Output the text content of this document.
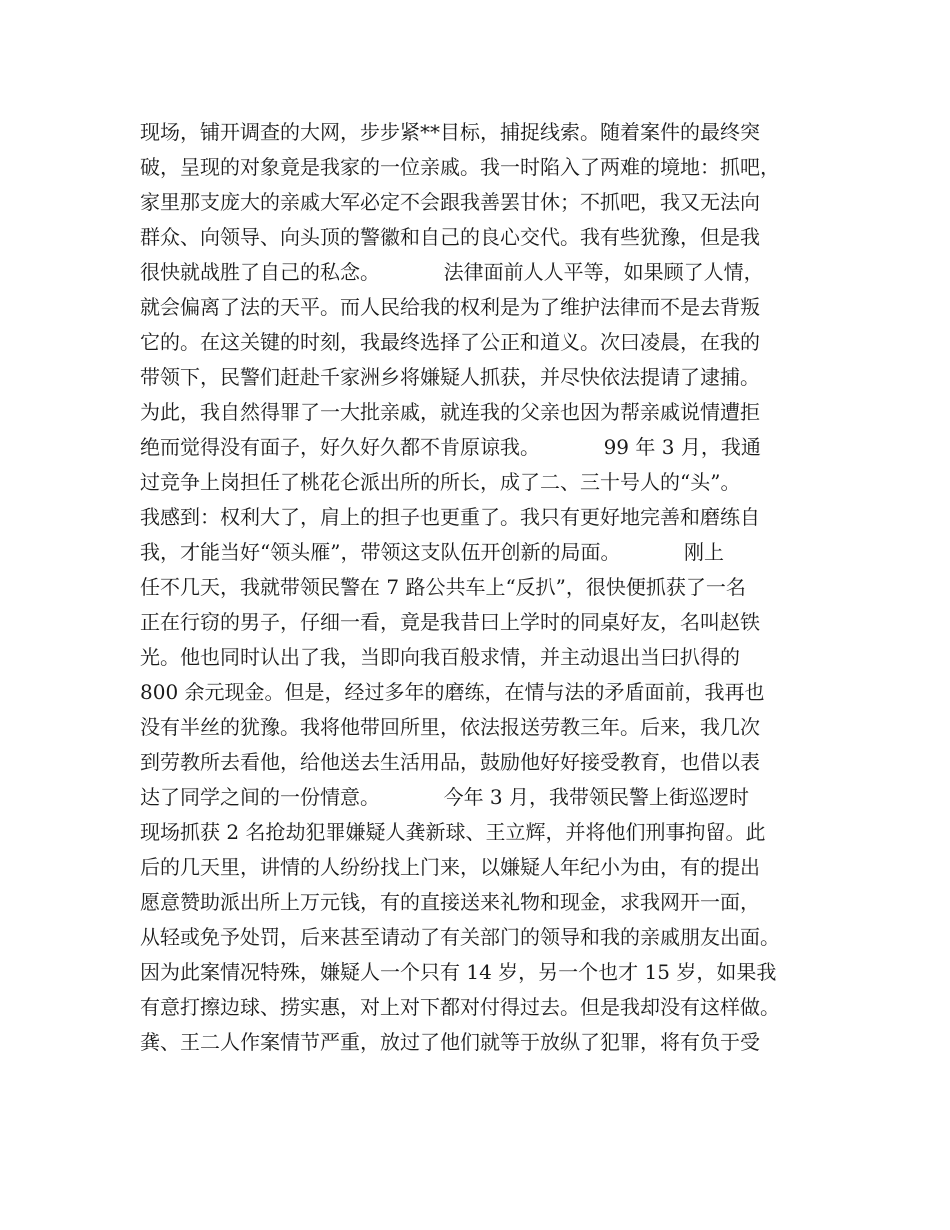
现场，铺开调查的大网，步步紧**目标，捕捉线索。随着案件的最终突
破，呈现的对象竟是我家的一位亲戚。我一时陷入了两难的境地：抓吧，
家里那支庞大的亲戚大军必定不会跟我善罢甘休；不抓吧，我又无法向
群众、向领导、向头顶的警徽和自己的良心交代。我有些犹豫，但是我
很快就战胜了自己的私念。          法律面前人人平等，如果顾了人情，
就会偏离了法的天平。而人民给我的权利是为了维护法律而不是去背叛
它的。在这关键的时刻，我最终选择了公正和道义。次曰凌晨，在我的
带领下，民警们赶赴千家洲乡将嫌疑人抓获，并尽快依法提请了逮捕。
为此，我自然得罪了一大批亲戚，就连我的父亲也因为帮亲戚说情遭拒
绝而觉得没有面子，好久好久都不肯原谅我。          99 年 3 月，我通
过竞争上岗担任了桃花仑派出所的所长，成了二、三十号人的“头”。
我感到：权利大了，肩上的担子也更重了。我只有更好地完善和磨练自
我，才能当好“领头雁”，带领这支队伍开创新的局面。          刚上
任不几天，我就带领民警在 7 路公共车上“反扒”，很快便抓获了一名
正在行窃的男子，仔细一看，竟是我昔曰上学时的同桌好友，名叫赵铁
光。他也同时认出了我，当即向我百般求情，并主动退出当曰扒得的
800 余元现金。但是，经过多年的磨练，在情与法的矛盾面前，我再也
没有半丝的犹豫。我将他带回所里，依法报送劳教三年。后来，我几次
到劳教所去看他，给他送去生活用品，鼓励他好好接受教育，也借以表
达了同学之间的一份情意。          今年 3 月，我带领民警上街巡逻时
现场抓获 2 名抢劫犯罪嫌疑人龚新球、王立辉，并将他们刑事拘留。此
后的几天里，讲情的人纷纷找上门来，以嫌疑人年纪小为由，有的提出
愿意赞助派出所上万元钱，有的直接送来礼物和现金，求我网开一面，
从轻或免予处罚，后来甚至请动了有关部门的领导和我的亲戚朋友出面。
因为此案情况特殊，嫌疑人一个只有 14 岁，另一个也才 15 岁，如果我
有意打擦边球、捞实惠，对上对下都对付得过去。但是我却没有这样做。
龚、王二人作案情节严重，放过了他们就等于放纵了犯罪，将有负于受
